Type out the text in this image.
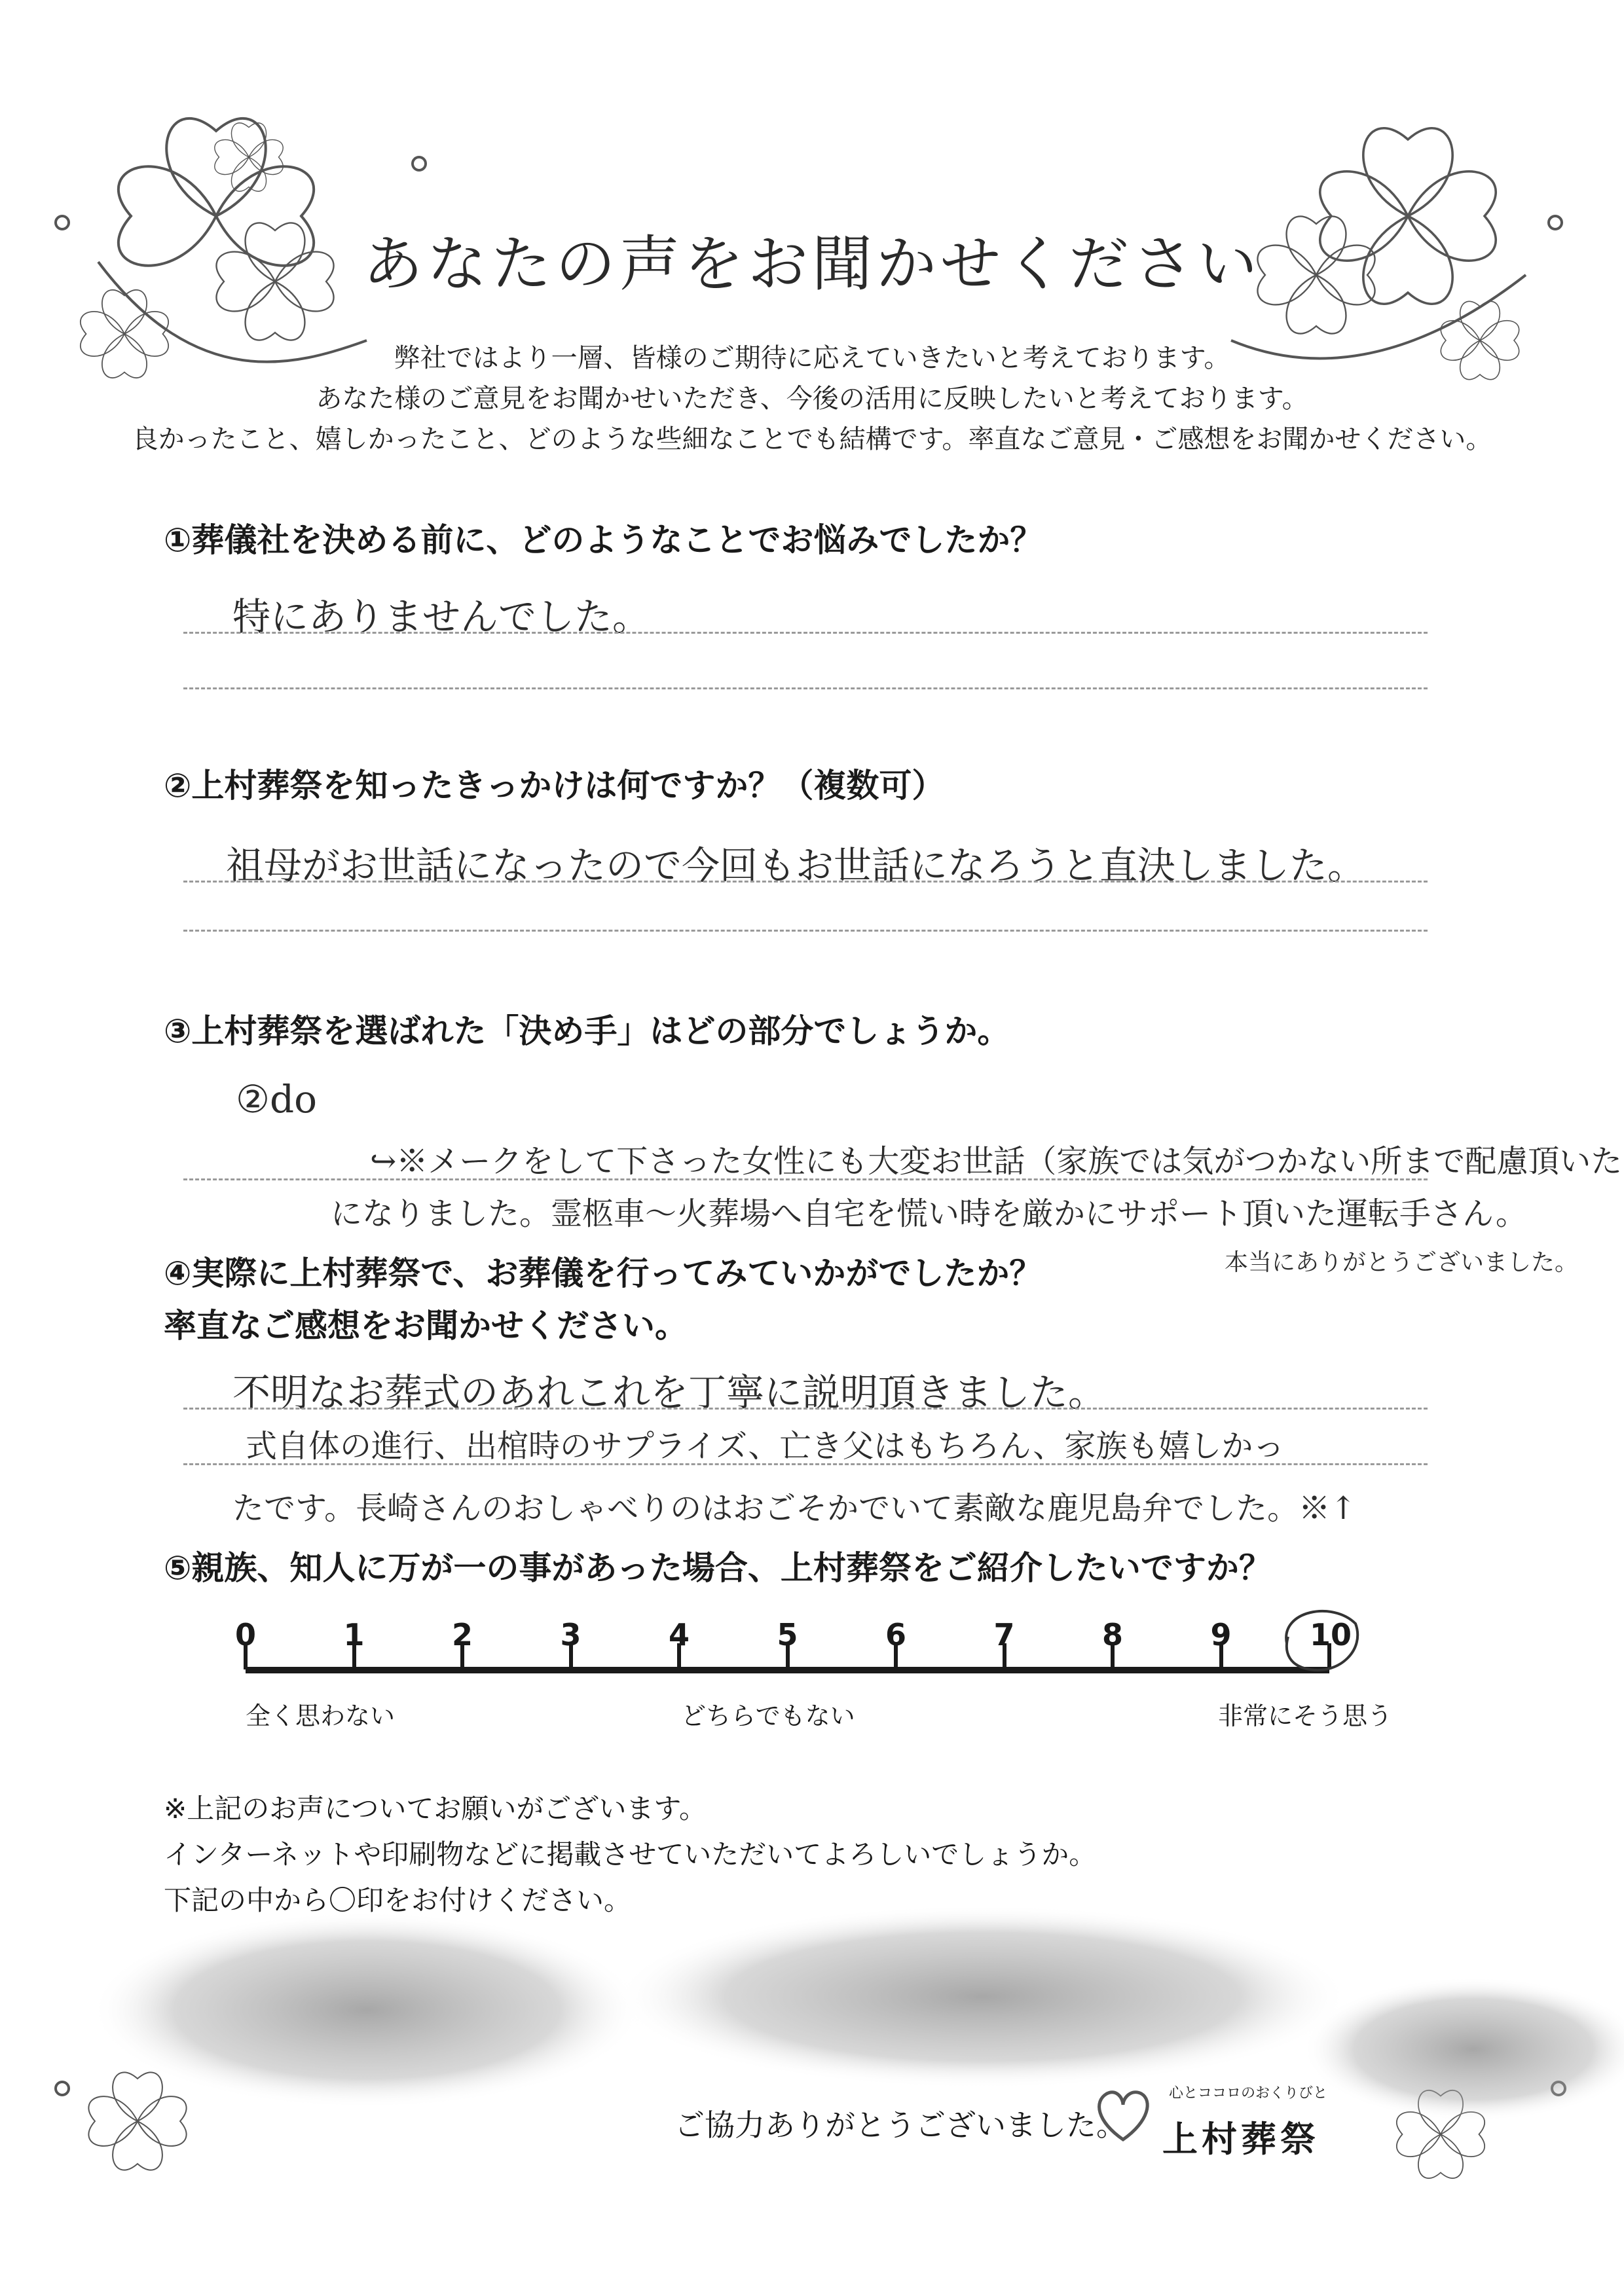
あなたの声をお聞かせください
弊社ではより一層、皆様のご期待に応えていきたいと考えております。
あなた様のご意見をお聞かせいただき、今後の活用に反映したいと考えております。
良かったこと、嬉しかったこと、どのような些細なことでも結構です。率直なご意見・ご感想をお聞かせください。
①葬儀社を決める前に、どのようなことでお悩みでしたか？
特にありませんでした。
②上村葬祭を知ったきっかけは何ですか？（複数可）
祖母がお世話になったので今回もお世話になろうと直決しました。
③上村葬祭を選ばれた「決め手」はどの部分でしょうか。
②do
↪※メークをして下さった女性にも大変お世話（家族では気がつかない所まで配慮頂いた
になりました。霊柩車～火葬場へ自宅を慌い時を厳かにサポート頂いた運転手さん。
本当にありがとうございました。
④実際に上村葬祭で、お葬儀を行ってみていかがでしたか？
率直なご感想をお聞かせください。
不明なお葬式のあれこれを丁寧に説明頂きました。
式自体の進行、出棺時のサプライズ、亡き父はもちろん、家族も嬉しかっ
たです。長崎さんのおしゃべりのはおごそかでいて素敵な鹿児島弁でした。※↑
⑤親族、知人に万が一の事があった場合、上村葬祭をご紹介したいですか？
0	1	2	3	4	5	6	7	8	9	10
全く思わない	どちらでもない	非常にそう思う
※上記のお声についてお願いがございます。
インターネットや印刷物などに掲載させていただいてよろしいでしょうか。
下記の中から〇印をお付けください。
ご協力ありがとうございました。
心とココロのおくりびと
上村葬祭
